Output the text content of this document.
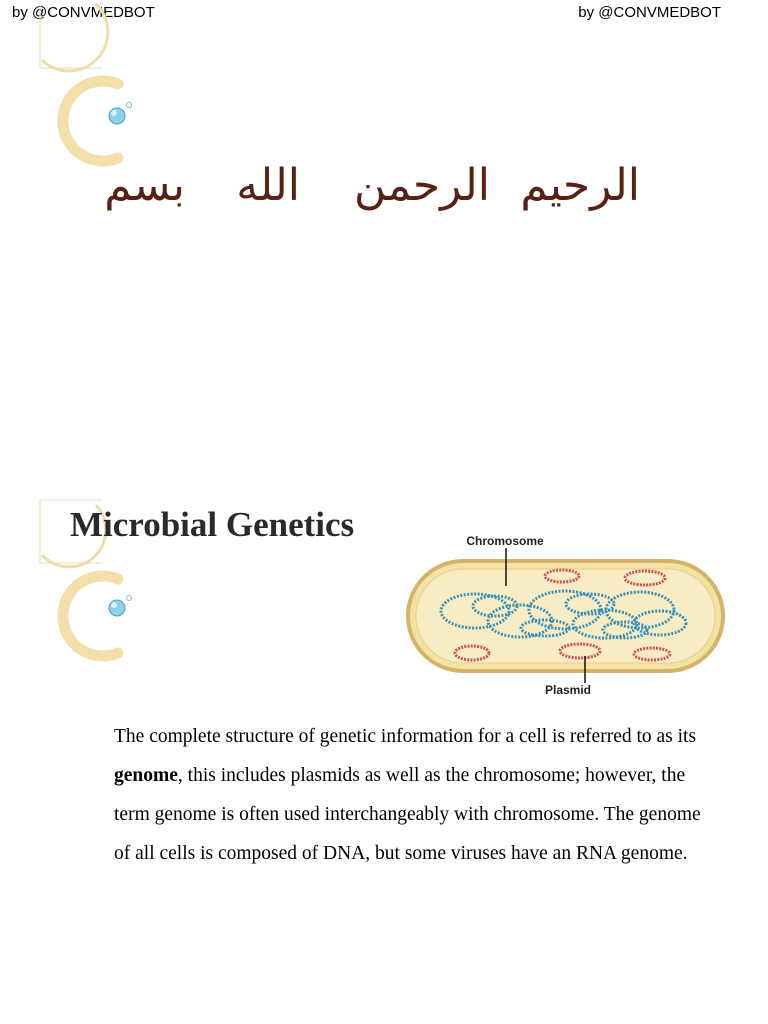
by @CONVMEDBOT	by @CONVMEDBOT
الرحيم
الرحمن
الله
بسم
Microbial Genetics	Chromosome
Plasmid

The complete structure of genetic information for a cell is referred to as its genome, this includes plasmids as well as the chromosome; however, the term genome is often used interchangeably with chromosome. The genome of all cells is composed of DNA, but some viruses have an RNA genome.
